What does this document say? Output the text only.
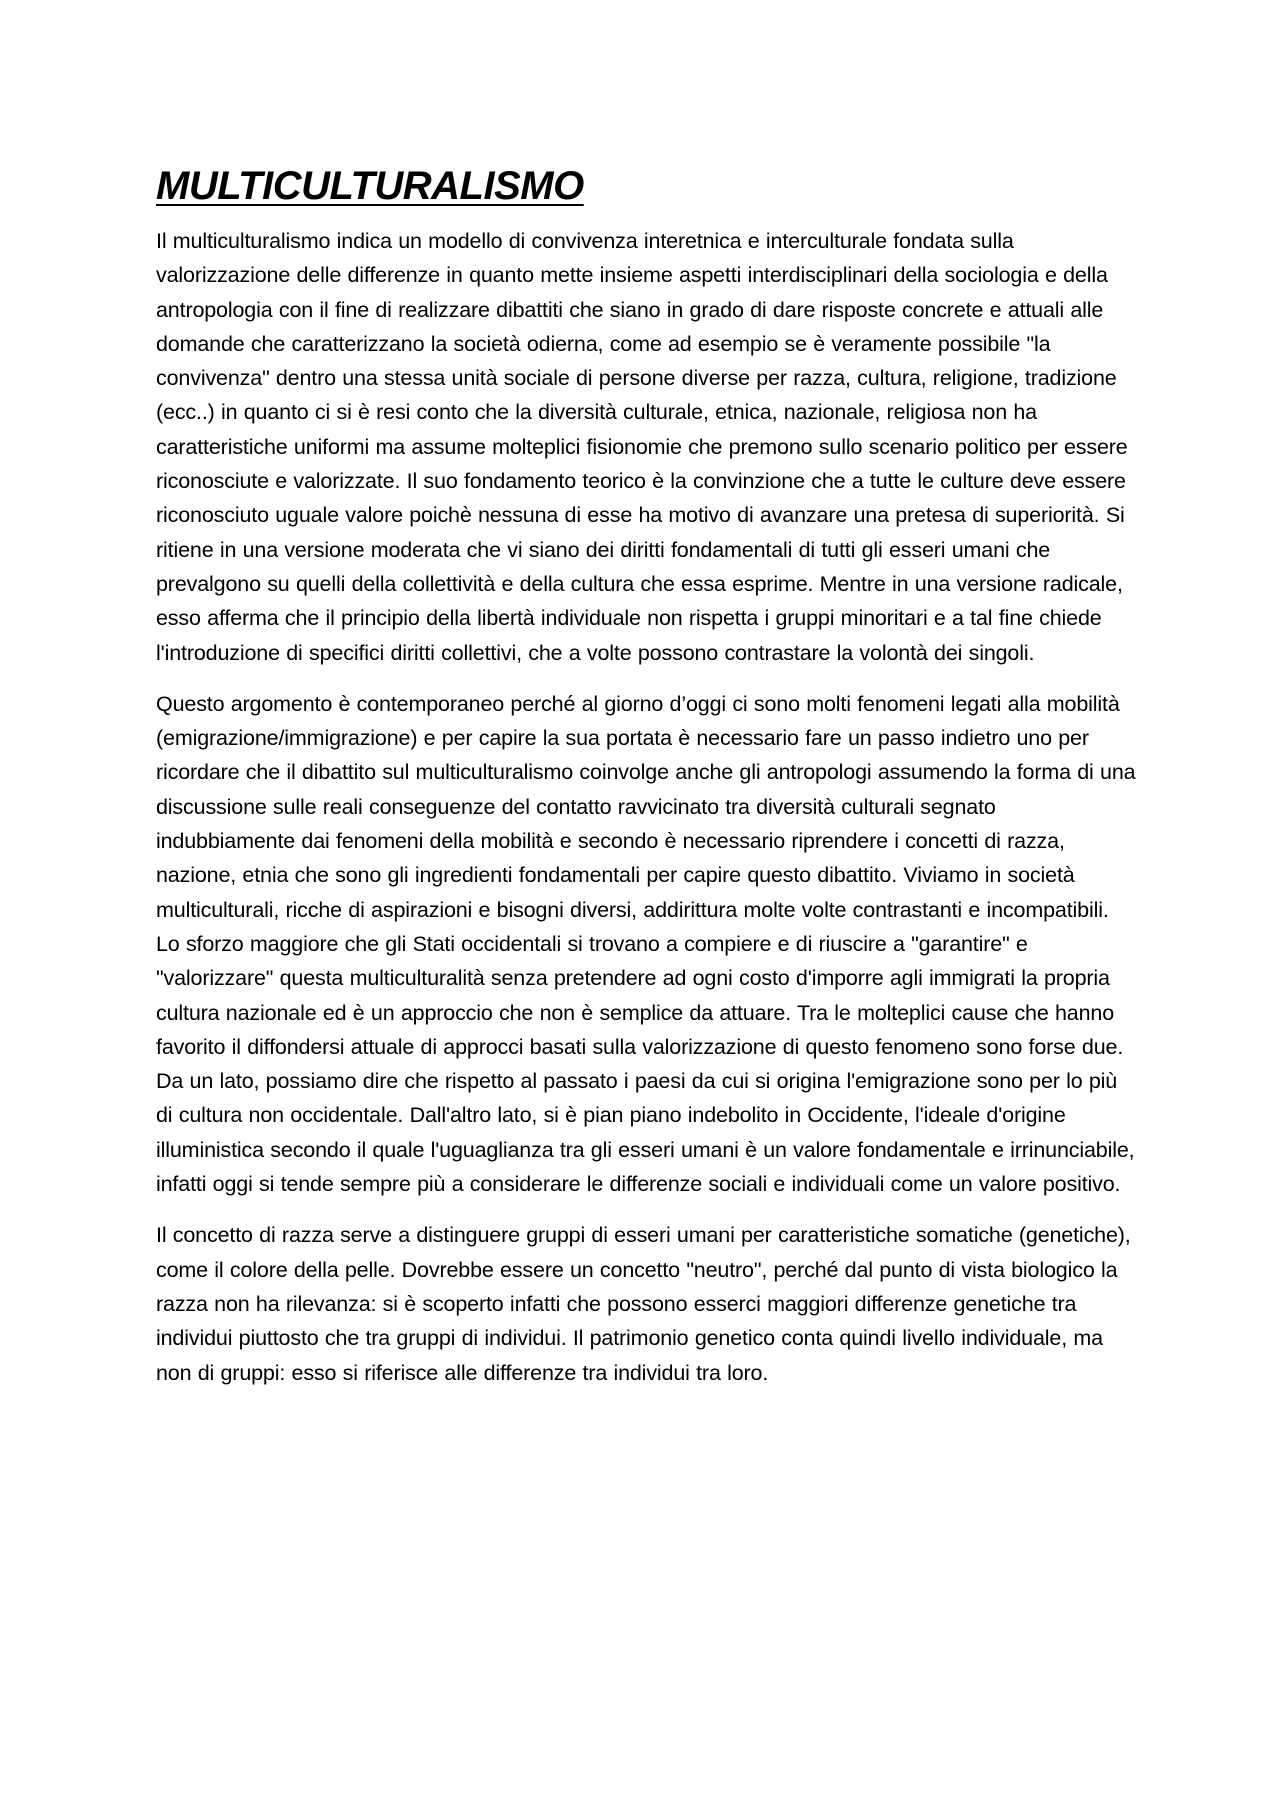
MULTICULTURALISMO

Il multiculturalismo indica un modello di convivenza interetnica e interculturale fondata sulla valorizzazione delle differenze in quanto mette insieme aspetti interdisciplinari della sociologia e della antropologia con il fine di realizzare dibattiti che siano in grado di dare risposte concrete e attuali alle domande che caratterizzano la società odierna, come ad esempio se è veramente possibile "la convivenza" dentro una stessa unità sociale di persone diverse per razza, cultura, religione, tradizione (ecc..) in quanto ci si è resi conto che la diversità culturale, etnica, nazionale, religiosa non ha caratteristiche uniformi ma assume molteplici fisionomie che premono sullo scenario politico per essere riconosciute e valorizzate. Il suo fondamento teorico è la convinzione che a tutte le culture deve essere riconosciuto uguale valore poichè nessuna di esse ha motivo di avanzare una pretesa di superiorità. Si ritiene in una versione moderata che vi siano dei diritti fondamentali di tutti gli esseri umani che prevalgono su quelli della collettività e della cultura che essa esprime. Mentre in una versione radicale, esso afferma che il principio della libertà individuale non rispetta i gruppi minoritari e a tal fine chiede l'introduzione di specifici diritti collettivi, che a volte possono contrastare la volontà dei singoli.

Questo argomento è contemporaneo perché al giorno d’oggi ci sono molti fenomeni legati alla mobilità (emigrazione/immigrazione) e per capire la sua portata è necessario fare un passo indietro uno per ricordare che il dibattito sul multiculturalismo coinvolge anche gli antropologi assumendo la forma di una discussione sulle reali conseguenze del contatto ravvicinato tra diversità culturali segnato indubbiamente dai fenomeni della mobilità e secondo è necessario riprendere i concetti di razza, nazione, etnia che sono gli ingredienti fondamentali per capire questo dibattito. Viviamo in società multiculturali, ricche di aspirazioni e bisogni diversi, addirittura molte volte contrastanti e incompatibili. Lo sforzo maggiore che gli Stati occidentali si trovano a compiere e di riuscire a "garantire" e "valorizzare" questa multiculturalità senza pretendere ad ogni costo d'imporre agli immigrati la propria cultura nazionale ed è un approccio che non è semplice da attuare. Tra le molteplici cause che hanno favorito il diffondersi attuale di approcci basati sulla valorizzazione di questo fenomeno sono forse due. Da un lato, possiamo dire che rispetto al passato i paesi da cui si origina l'emigrazione sono per lo più di cultura non occidentale. Dall'altro lato, si è pian piano indebolito in Occidente, l'ideale d'origine illuministica secondo il quale l'uguaglianza tra gli esseri umani è un valore fondamentale e irrinunciabile, infatti oggi si tende sempre più a considerare le differenze sociali e individuali come un valore positivo.

Il concetto di razza serve a distinguere gruppi di esseri umani per caratteristiche somatiche (genetiche), come il colore della pelle. Dovrebbe essere un concetto "neutro", perché dal punto di vista biologico la razza non ha rilevanza: si è scoperto infatti che possono esserci maggiori differenze genetiche tra individui piuttosto che tra gruppi di individui. Il patrimonio genetico conta quindi livello individuale, ma non di gruppi: esso si riferisce alle differenze tra individui tra loro.
